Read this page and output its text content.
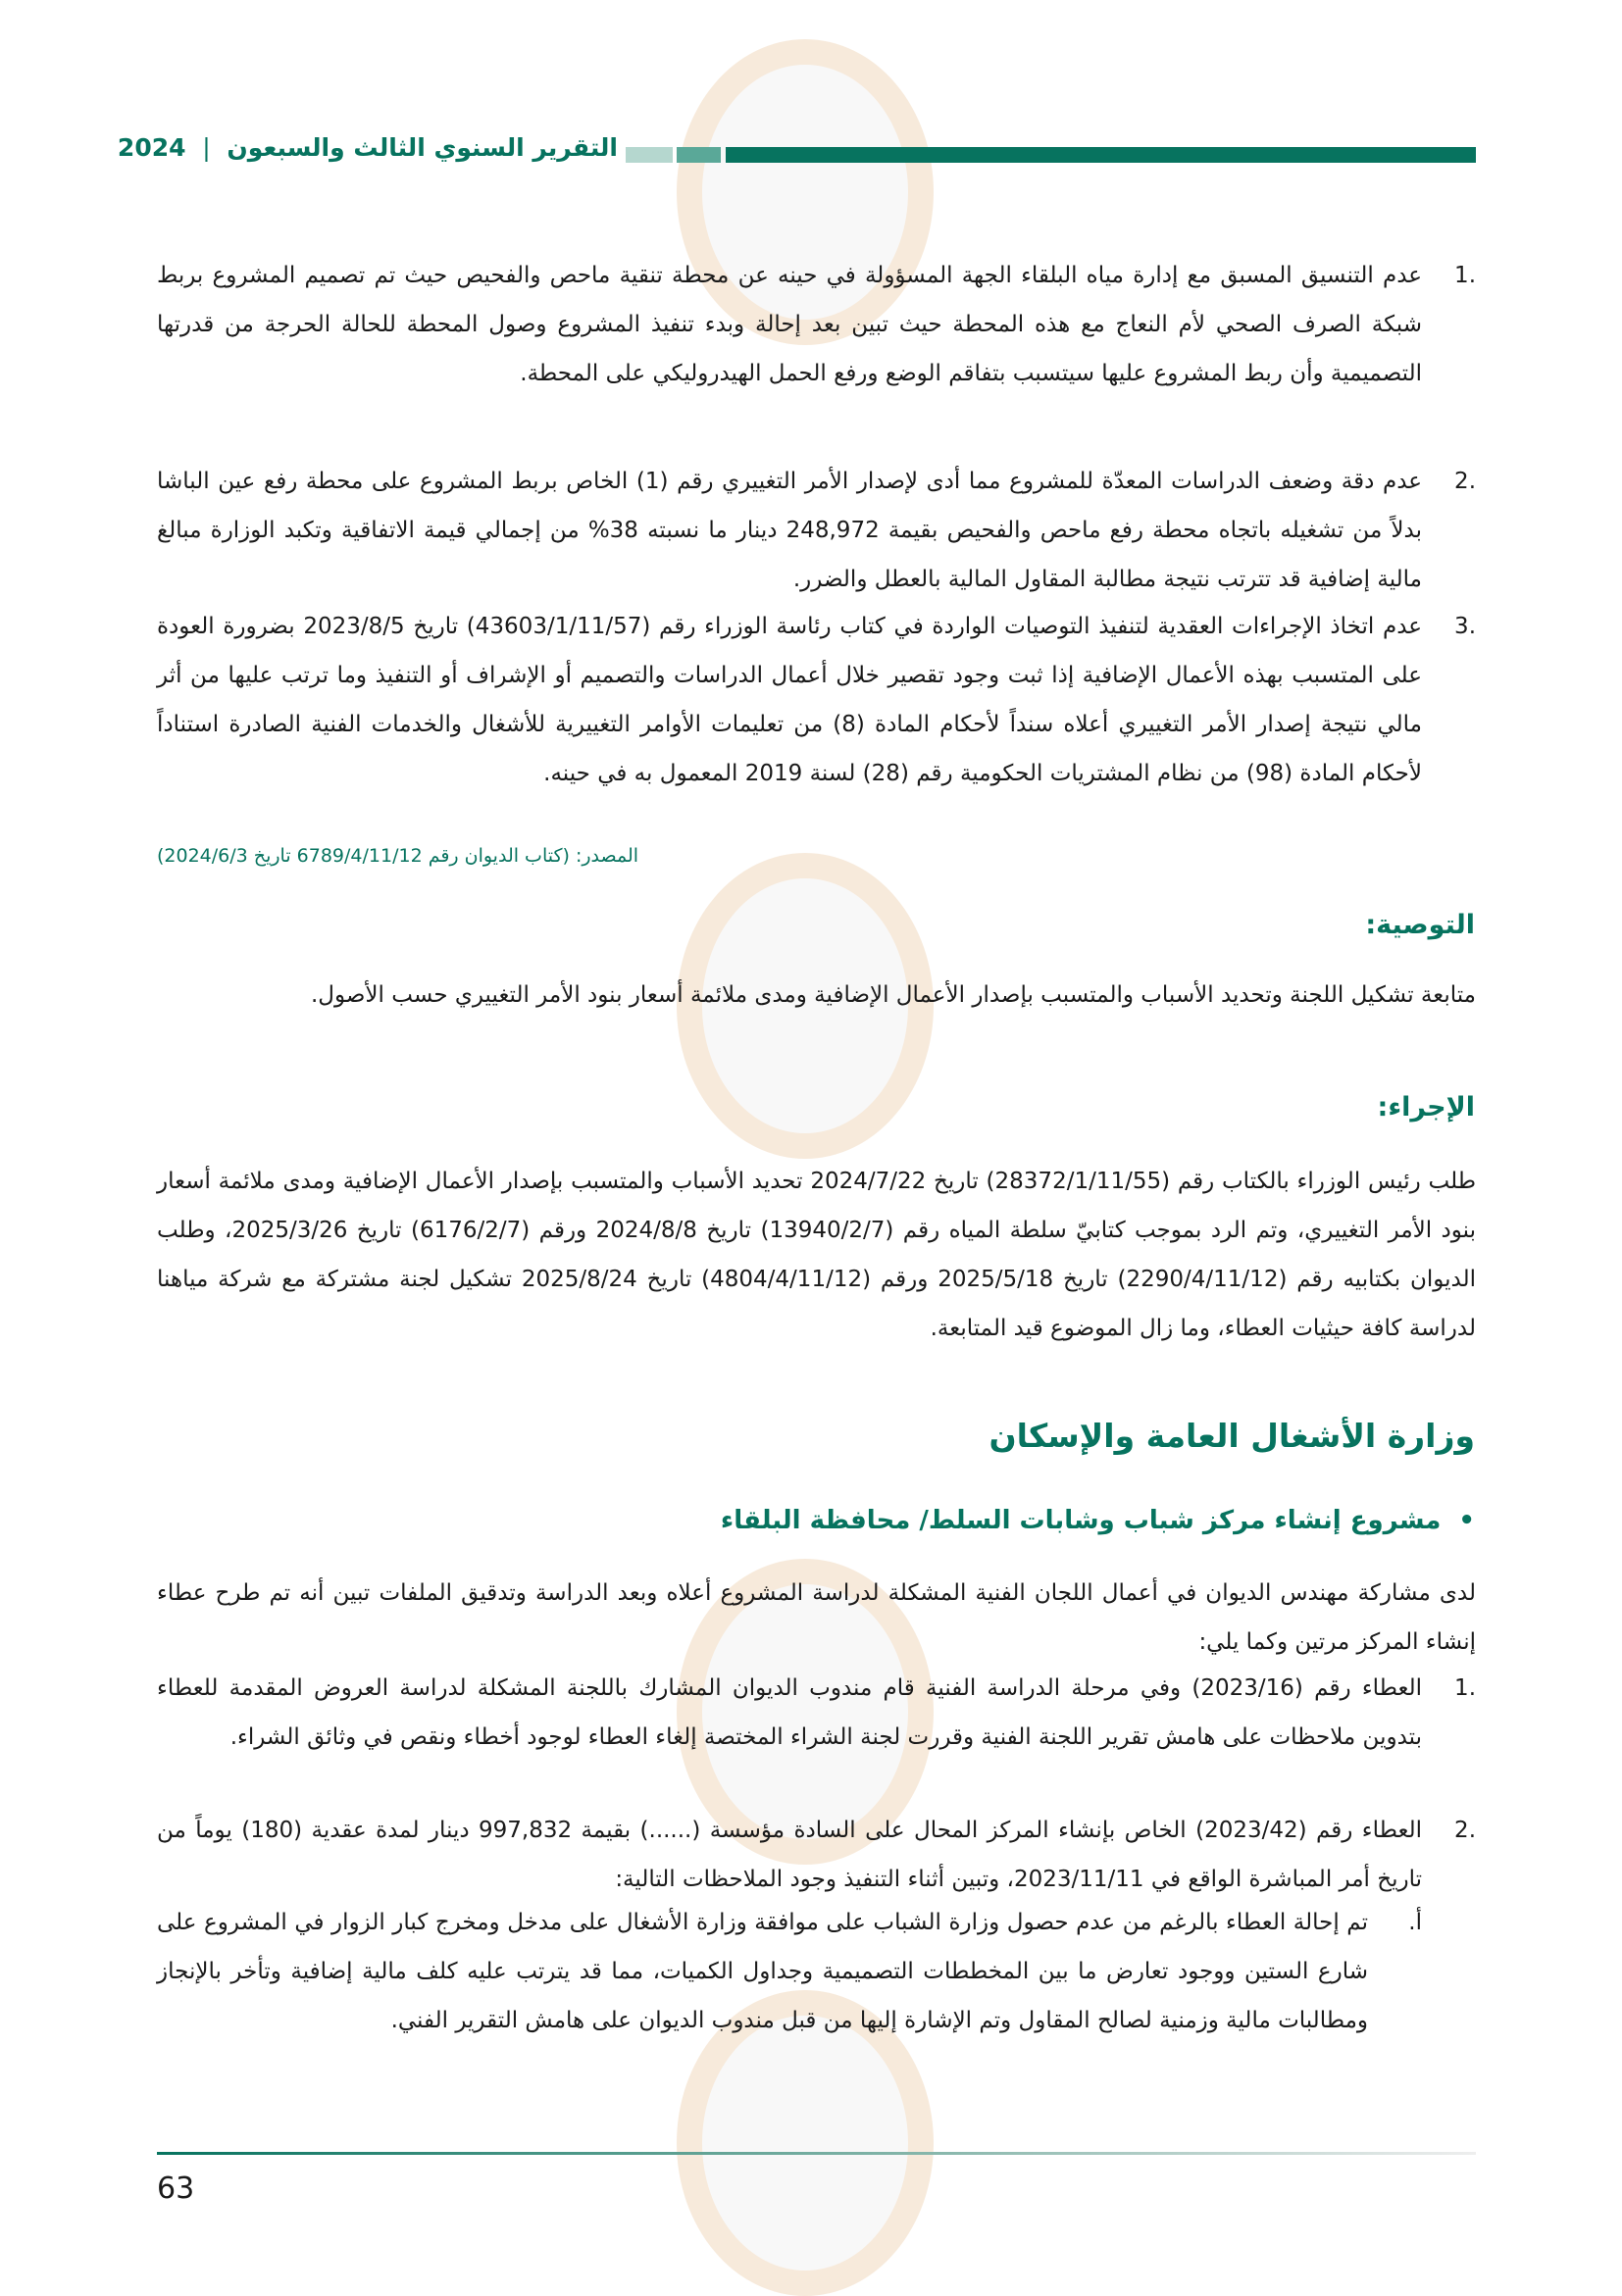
التقرير السنوي الثالث والسبعون | 2024
.1
عدم التنسيق المسبق مع إدارة مياه البلقاء الجهة المسؤولة في حينه عن محطة تنقية ماحص والفحيص حيث تم تصميم المشروع بربط شبكة الصرف الصحي لأم النعاج مع هذه المحطة حيث تبين بعد إحالة وبدء تنفيذ المشروع وصول المحطة للحالة الحرجة من قدرتها التصميمية وأن ربط المشروع عليها سيتسبب بتفاقم الوضع ورفع الحمل الهيدروليكي على المحطة.
.2
عدم دقة وضعف الدراسات المعدّة للمشروع مما أدى لإصدار الأمر التغييري رقم (1) الخاص بربط المشروع على محطة رفع عين الباشا بدلاً من تشغيله باتجاه محطة رفع ماحص والفحيص بقيمة 248,972 دينار ما نسبته 38% من إجمالي قيمة الاتفاقية وتكبد الوزارة مبالغ مالية إضافية قد تترتب نتيجة مطالبة المقاول المالية بالعطل والضرر.
.3
عدم اتخاذ الإجراءات العقدية لتنفيذ التوصيات الواردة في كتاب رئاسة الوزراء رقم (43603/1/11/57) تاريخ 2023/8/5 بضرورة العودة على المتسبب بهذه الأعمال الإضافية إذا ثبت وجود تقصير خلال أعمال الدراسات والتصميم أو الإشراف أو التنفيذ وما ترتب عليها من أثر مالي نتيجة إصدار الأمر التغييري أعلاه سنداً لأحكام المادة (8) من تعليمات الأوامر التغييرية للأشغال والخدمات الفنية الصادرة استناداً لأحكام المادة (98) من نظام المشتريات الحكومية رقم (28) لسنة 2019 المعمول به في حينه.
المصدر: (كتاب الديوان رقم 6789/4/11/12 تاريخ 2024/6/3)
التوصية:
متابعة تشكيل اللجنة وتحديد الأسباب والمتسبب بإصدار الأعمال الإضافية ومدى ملائمة أسعار بنود الأمر التغييري حسب الأصول.
الإجراء:
طلب رئيس الوزراء بالكتاب رقم (28372/1/11/55) تاريخ 2024/7/22 تحديد الأسباب والمتسبب بإصدار الأعمال الإضافية ومدى ملائمة أسعار بنود الأمر التغييري، وتم الرد بموجب كتابيّ سلطة المياه رقم (13940/2/7) تاريخ 2024/8/8 ورقم (6176/2/7) تاريخ 2025/3/26، وطلب الديوان بكتابيه رقم (2290/4/11/12) تاريخ 2025/5/18 ورقم (4804/4/11/12) تاريخ 2025/8/24 تشكيل لجنة مشتركة مع شركة مياهنا لدراسة كافة حيثيات العطاء، وما زال الموضوع قيد المتابعة.
وزارة الأشغال العامة والإسكان
•مشروع إنشاء مركز شباب وشابات السلط/ محافظة البلقاء
لدى مشاركة مهندس الديوان في أعمال اللجان الفنية المشكلة لدراسة المشروع أعلاه وبعد الدراسة وتدقيق الملفات تبين أنه تم طرح عطاء إنشاء المركز مرتين وكما يلي:
.1
العطاء رقم (2023/16) وفي مرحلة الدراسة الفنية قام مندوب الديوان المشارك باللجنة المشكلة لدراسة العروض المقدمة للعطاء بتدوين ملاحظات على هامش تقرير اللجنة الفنية وقررت لجنة الشراء المختصة إلغاء العطاء لوجود أخطاء ونقص في وثائق الشراء.
.2
العطاء رقم (2023/42) الخاص بإنشاء المركز المحال على السادة مؤسسة (......) بقيمة 997,832 دينار لمدة عقدية (180) يوماً من تاريخ أمر المباشرة الواقع في 2023/11/11، وتبين أثناء التنفيذ وجود الملاحظات التالية:
أ.
تم إحالة العطاء بالرغم من عدم حصول وزارة الشباب على موافقة وزارة الأشغال على مدخل ومخرج كبار الزوار في المشروع على شارع الستين ووجود تعارض ما بين المخططات التصميمية وجداول الكميات، مما قد يترتب عليه كلف مالية إضافية وتأخر بالإنجاز ومطالبات مالية وزمنية لصالح المقاول وتم الإشارة إليها من قبل مندوب الديوان على هامش التقرير الفني.
63
